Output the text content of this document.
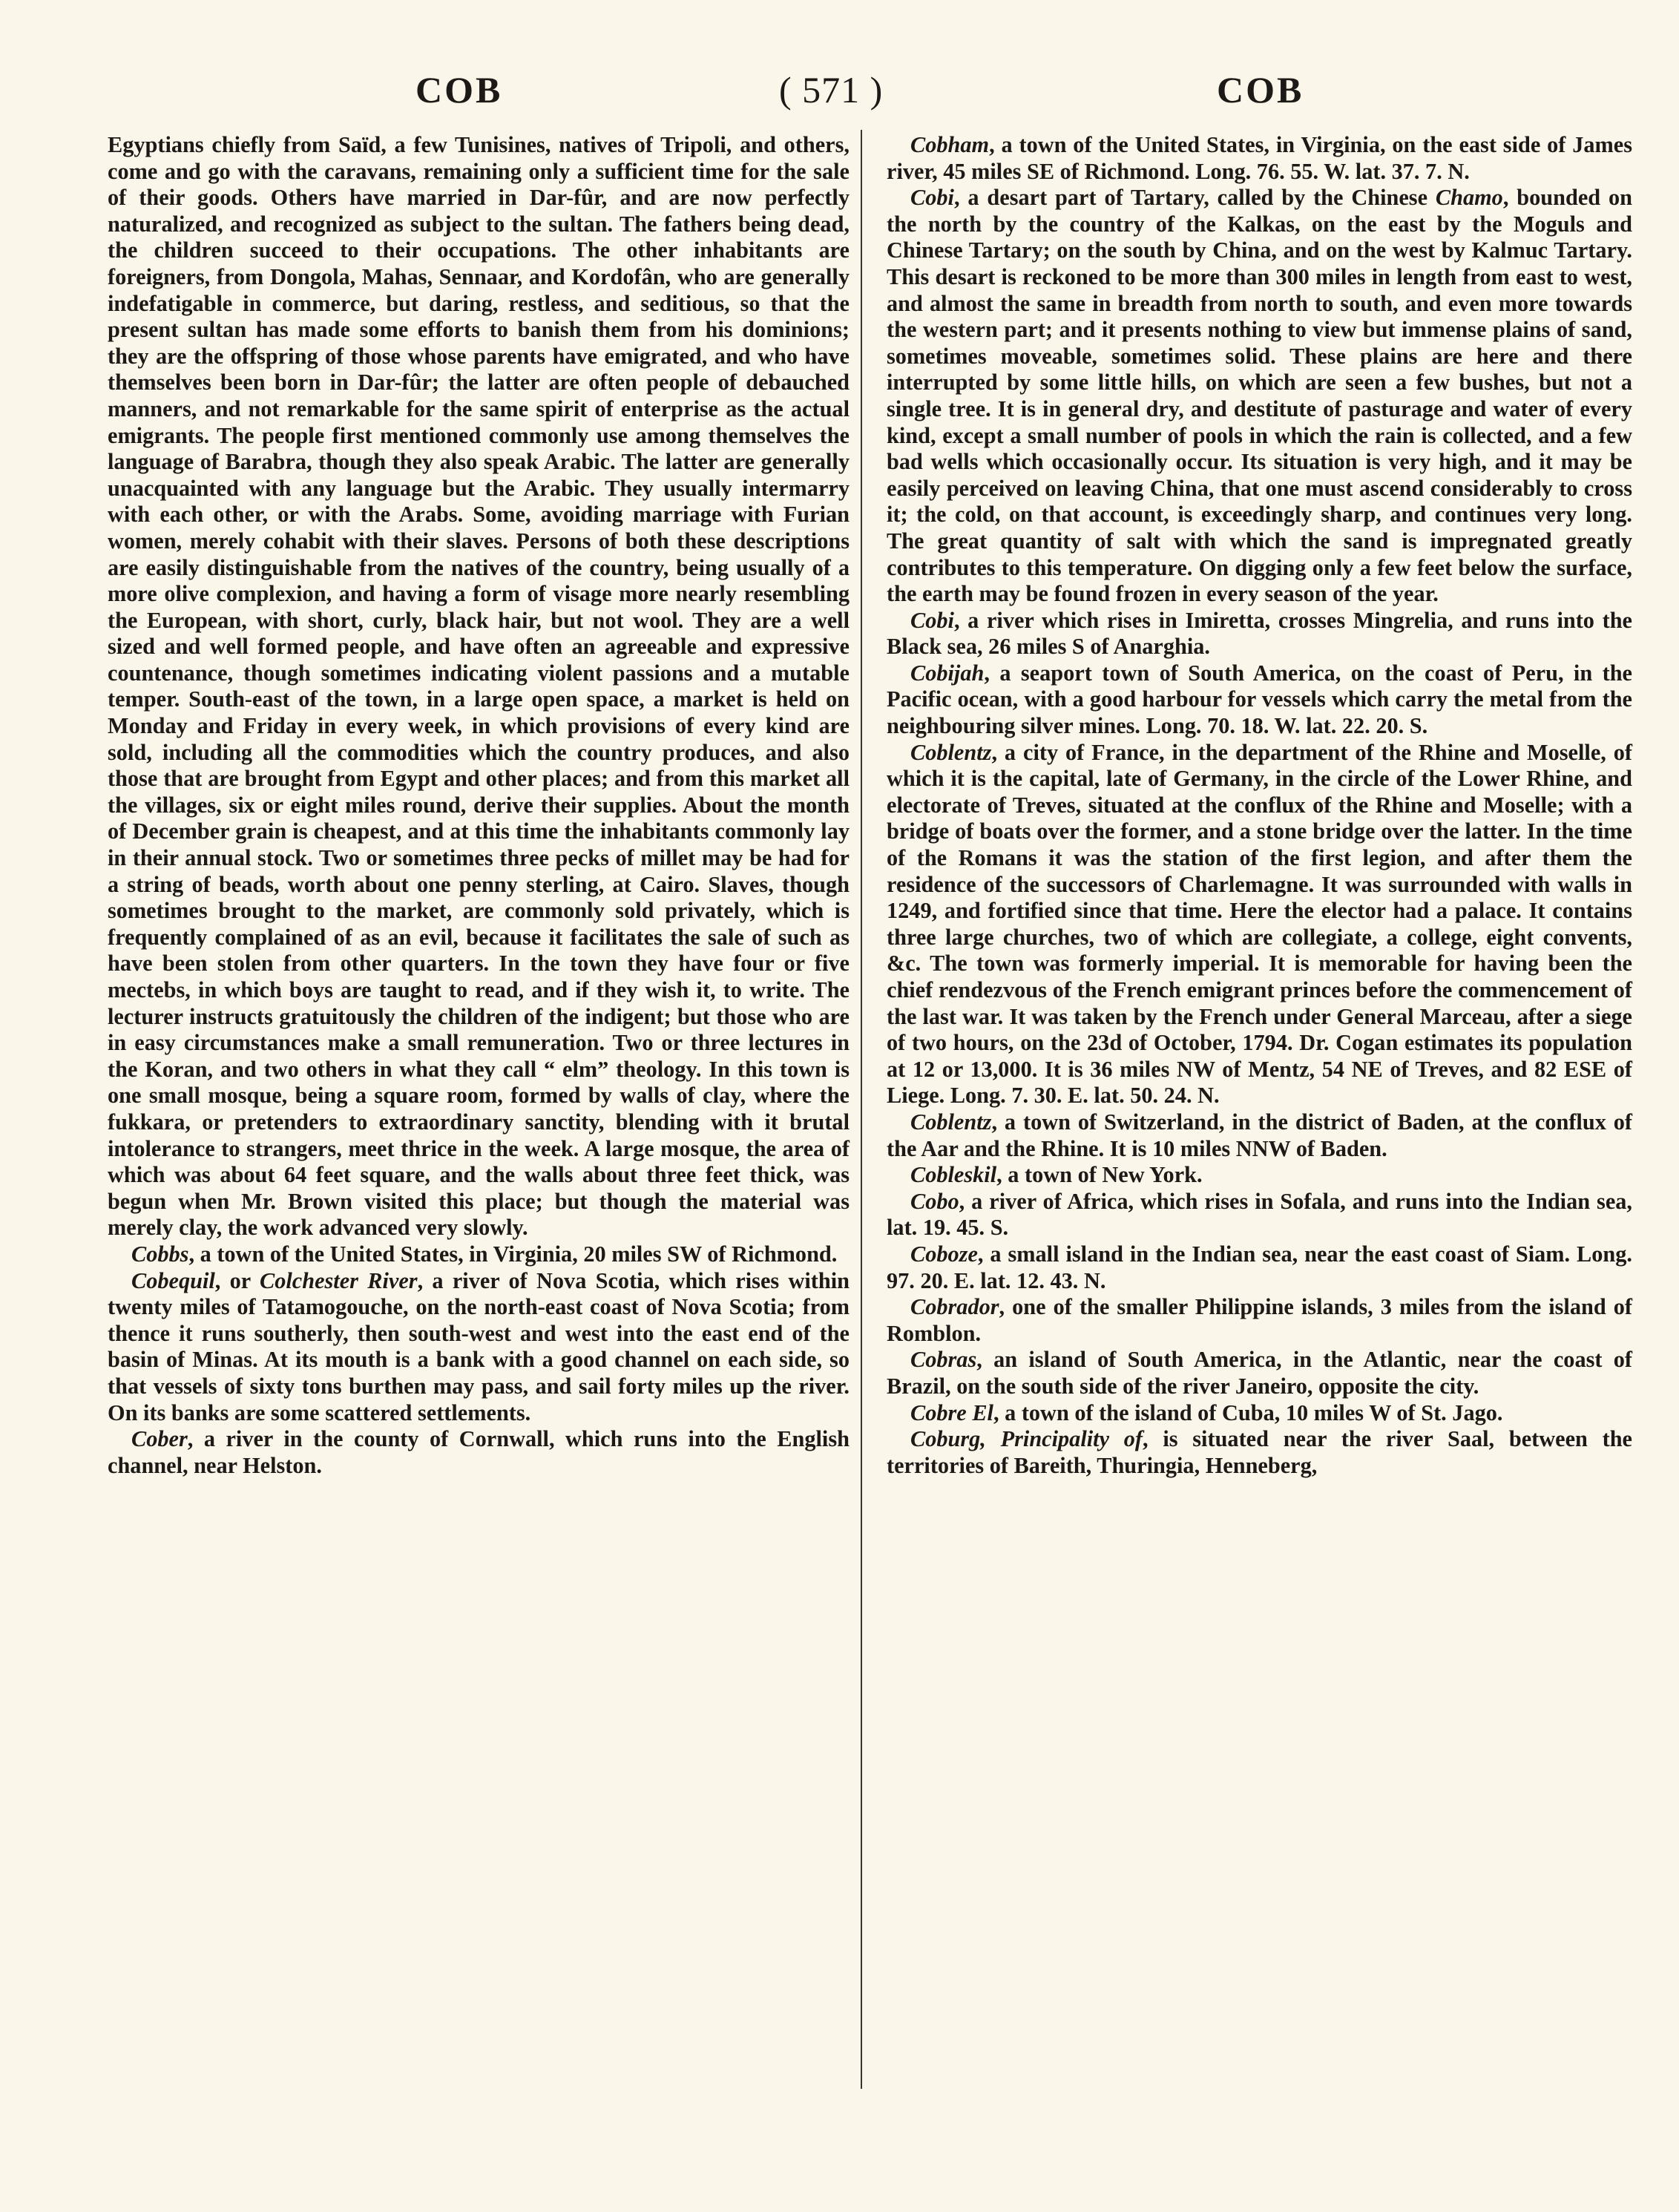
COB	( 571 )	COB

Egyptians chiefly from Saïd, a few Tunisines, natives of Tripoli, and others, come and go with the caravans, remaining only a sufficient time for the sale of their goods. Others have married in Dar-fûr, and are now perfectly naturalized, and recognized as subject to the sultan. The fathers being dead, the children succeed to their occupations. The other inhabitants are foreigners, from Dongola, Mahas, Sennaar, and Kordofân, who are generally indefatigable in commerce, but daring, restless, and seditious, so that the present sultan has made some efforts to banish them from his dominions; they are the offspring of those whose parents have emigrated, and who have themselves been born in Dar-fûr; the latter are often people of debauched manners, and not remarkable for the same spirit of enterprise as the actual emigrants. The people first mentioned commonly use among themselves the language of Barabra, though they also speak Arabic. The latter are generally unacquainted with any language but the Arabic. They usually intermarry with each other, or with the Arabs. Some, avoiding marriage with Furian women, merely cohabit with their slaves. Persons of both these descriptions are easily distinguishable from the natives of the country, being usually of a more olive complexion, and having a form of visage more nearly resembling the European, with short, curly, black hair, but not wool. They are a well sized and well formed people, and have often an agreeable and expressive countenance, though sometimes indicating violent passions and a mutable temper. South-east of the town, in a large open space, a market is held on Monday and Friday in every week, in which provisions of every kind are sold, including all the commodities which the country produces, and also those that are brought from Egypt and other places; and from this market all the villages, six or eight miles round, derive their supplies. About the month of December grain is cheapest, and at this time the inhabitants commonly lay in their annual stock. Two or sometimes three pecks of millet may be had for a string of beads, worth about one penny sterling, at Cairo. Slaves, though sometimes brought to the market, are commonly sold privately, which is frequently complained of as an evil, because it facilitates the sale of such as have been stolen from other quarters. In the town they have four or five mectebs, in which boys are taught to read, and if they wish it, to write. The lecturer instructs gratuitously the children of the indigent; but those who are in easy circumstances make a small remuneration. Two or three lectures in the Koran, and two others in what they call “ elm” theology. In this town is one small mosque, being a square room, formed by walls of clay, where the fukkara, or pretenders to extraordinary sanctity, blending with it brutal intolerance to strangers, meet thrice in the week. A large mosque, the area of which was about 64 feet square, and the walls about three feet thick, was begun when Mr. Brown visited this place; but though the material was merely clay, the work advanced very slowly.

Cobbs, a town of the United States, in Virginia, 20 miles SW of Richmond.

Cobequil, or Colchester River, a river of Nova Scotia, which rises within twenty miles of Tatamogouche, on the north-east coast of Nova Scotia; from thence it runs southerly, then south-west and west into the east end of the basin of Minas. At its mouth is a bank with a good channel on each side, so that vessels of sixty tons burthen may pass, and sail forty miles up the river. On its banks are some scattered settlements.

Cober, a river in the county of Cornwall, which runs into the English channel, near Helston.

Cobham, a town of the United States, in Virginia, on the east side of James river, 45 miles SE of Richmond. Long. 76. 55. W. lat. 37. 7. N.

Cobi, a desart part of Tartary, called by the Chinese Chamo, bounded on the north by the country of the Kalkas, on the east by the Moguls and Chinese Tartary; on the south by China, and on the west by Kalmuc Tartary. This desart is reckoned to be more than 300 miles in length from east to west, and almost the same in breadth from north to south, and even more towards the western part; and it presents nothing to view but immense plains of sand, sometimes moveable, sometimes solid. These plains are here and there interrupted by some little hills, on which are seen a few bushes, but not a single tree. It is in general dry, and destitute of pasturage and water of every kind, except a small number of pools in which the rain is collected, and a few bad wells which occasionally occur. Its situation is very high, and it may be easily perceived on leaving China, that one must ascend considerably to cross it; the cold, on that account, is exceedingly sharp, and continues very long. The great quantity of salt with which the sand is impregnated greatly contributes to this temperature. On digging only a few feet below the surface, the earth may be found frozen in every season of the year.

Cobi, a river which rises in Imiretta, crosses Mingrelia, and runs into the Black sea, 26 miles S of Anarghia.

Cobijah, a seaport town of South America, on the coast of Peru, in the Pacific ocean, with a good harbour for vessels which carry the metal from the neighbouring silver mines. Long. 70. 18. W. lat. 22. 20. S.

Coblentz, a city of France, in the department of the Rhine and Moselle, of which it is the capital, late of Germany, in the circle of the Lower Rhine, and electorate of Treves, situated at the conflux of the Rhine and Moselle; with a bridge of boats over the former, and a stone bridge over the latter. In the time of the Romans it was the station of the first legion, and after them the residence of the successors of Charlemagne. It was surrounded with walls in 1249, and fortified since that time. Here the elector had a palace. It contains three large churches, two of which are collegiate, a college, eight convents, &c. The town was formerly imperial. It is memorable for having been the chief rendezvous of the French emigrant princes before the commencement of the last war. It was taken by the French under General Marceau, after a siege of two hours, on the 23d of October, 1794. Dr. Cogan estimates its population at 12 or 13,000. It is 36 miles NW of Mentz, 54 NE of Treves, and 82 ESE of Liege. Long. 7. 30. E. lat. 50. 24. N.

Coblentz, a town of Switzerland, in the district of Baden, at the conflux of the Aar and the Rhine. It is 10 miles NNW of Baden.

Cobleskil, a town of New York.

Cobo, a river of Africa, which rises in Sofala, and runs into the Indian sea, lat. 19. 45. S.

Coboze, a small island in the Indian sea, near the east coast of Siam. Long. 97. 20. E. lat. 12. 43. N.

Cobrador, one of the smaller Philippine islands, 3 miles from the island of Romblon.

Cobras, an island of South America, in the Atlantic, near the coast of Brazil, on the south side of the river Janeiro, opposite the city.

Cobre El, a town of the island of Cuba, 10 miles W of St. Jago.

Coburg, Principality of, is situated near the river Saal, between the territories of Bareith, Thuringia, Henneberg,
